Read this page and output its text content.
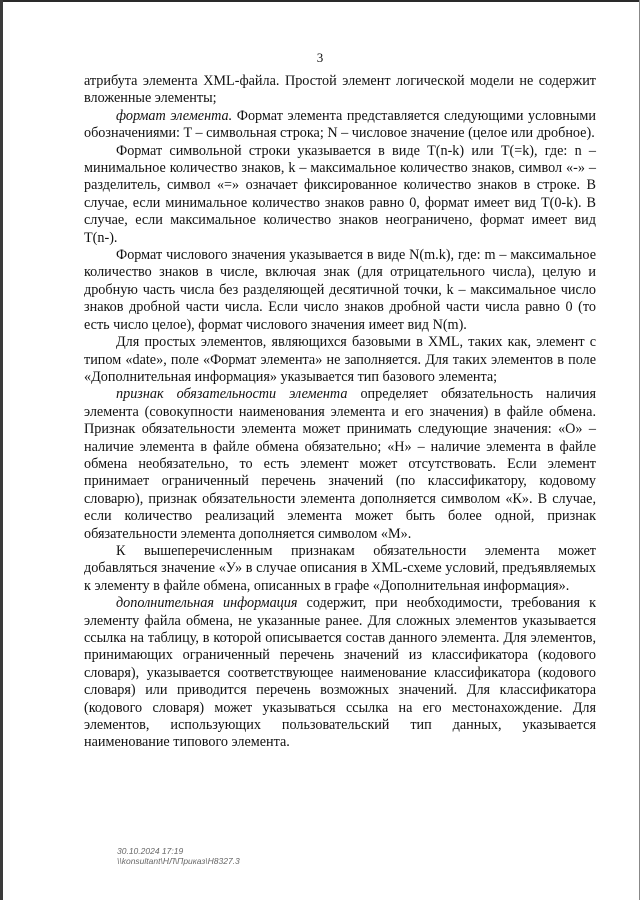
3

атрибута элемента XML-файла. Простой элемент логической модели не содержит вложенные элементы;

формат элемента. Формат элемента представляется следующими условными обозначениями: T – символьная строка; N – числовое значение (целое или дробное).

Формат символьной строки указывается в виде T(n-k) или T(=k), где: n – минимальное количество знаков, k – максимальное количество знаков, символ «-» – разделитель, символ «=» означает фиксированное количество знаков в строке. В случае, если минимальное количество знаков равно 0, формат имеет вид T(0-k). В случае, если максимальное количество знаков неограничено, формат имеет вид T(n-).

Формат числового значения указывается в виде N(m.k), где: m – максимальное количество знаков в числе, включая знак (для отрицательного числа), целую и дробную часть числа без разделяющей десятичной точки, k – максимальное число знаков дробной части числа. Если число знаков дробной части числа равно 0 (то есть число целое), формат числового значения имеет вид N(m).

Для простых элементов, являющихся базовыми в XML, таких как, элемент с типом «date», поле «Формат элемента» не заполняется. Для таких элементов в поле «Дополнительная информация» указывается тип базового элемента;

признак обязательности элемента определяет обязательность наличия элемента (совокупности наименования элемента и его значения) в файле обмена. Признак обязательности элемента может принимать следующие значения: «О» – наличие элемента в файле обмена обязательно; «Н» – наличие элемента в файле обмена необязательно, то есть элемент может отсутствовать. Если элемент принимает ограниченный перечень значений (по классификатору, кодовому словарю), признак обязательности элемента дополняется символом «К». В случае, если количество реализаций элемента может быть более одной, признак обязательности элемента дополняется символом «М».

К вышеперечисленным признакам обязательности элемента может добавляться значение «У» в случае описания в XML-схеме условий, предъявляемых к элементу в файле обмена, описанных в графе «Дополнительная информация».

дополнительная информация содержит, при необходимости, требования к элементу файла обмена, не указанные ранее. Для сложных элементов указывается ссылка на таблицу, в которой описывается состав данного элемента. Для элементов, принимающих ограниченный перечень значений из классификатора (кодового словаря), указывается соответствующее наименование классификатора (кодового словаря) или приводится перечень возможных значений. Для классификатора (кодового словаря) может указываться ссылка на его местонахождение. Для элементов, использующих пользовательский тип данных, указывается наименование типового элемента.

30.10.2024 17:19
\\konsultant\НЛ\Приказ\Н8327.3
